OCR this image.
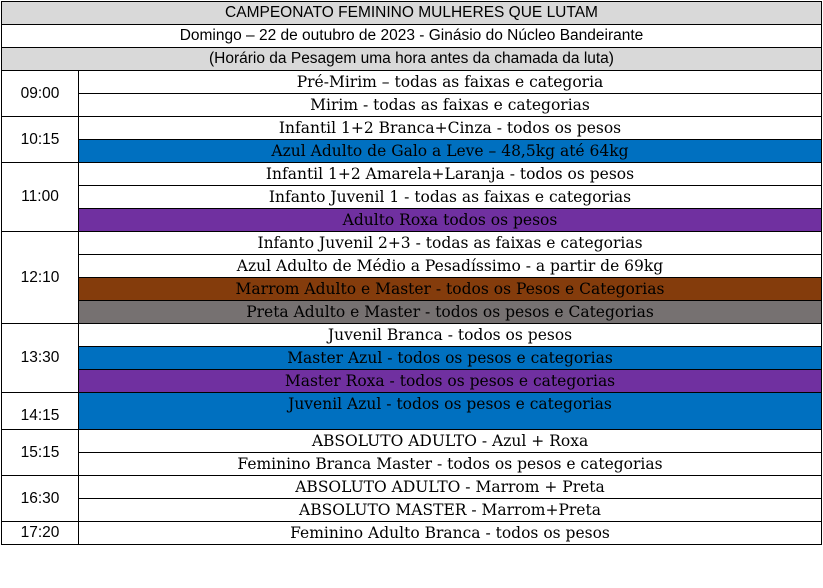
CAMPEONATO FEMININO MULHERES QUE LUTAM	
Domingo – 22 de outubro de 2023 - Ginásio do Núcleo Bandeirante	
(Horário da Pesagem uma hora antes da chamada da luta)	
09:00	Pré-Mirim – todas as faixas e categoria
	Mirim - todas as faixas e categorias
10:15	Infantil 1+2 Branca+Cinza - todos os pesos
	Azul Adulto de Galo a Leve – 48,5kg até 64kg
11:00	Infantil 1+2 Amarela+Laranja - todos os pesos
	Infanto Juvenil 1 - todas as faixas e categorias
	Adulto Roxa todos os pesos
12:10	Infanto Juvenil 2+3 - todas as faixas e categorias
	Azul Adulto de Médio a Pesadíssimo - a partir de 69kg
	Marrom Adulto e Master - todos os Pesos e Categorias
	Preta Adulto e Master - todos os pesos e Categorias
13:30	Juvenil Branca - todos os pesos
	Master Azul - todos os pesos e categorias
	Master Roxa - todos os pesos e categorias
14:15	Juvenil Azul - todos os pesos e categorias
15:15	ABSOLUTO ADULTO - Azul + Roxa
	Feminino Branca Master - todos os pesos e categorias
16:30	ABSOLUTO ADULTO - Marrom + Preta
	ABSOLUTO MASTER - Marrom+Preta
17:20	Feminino Adulto Branca - todos os pesos
